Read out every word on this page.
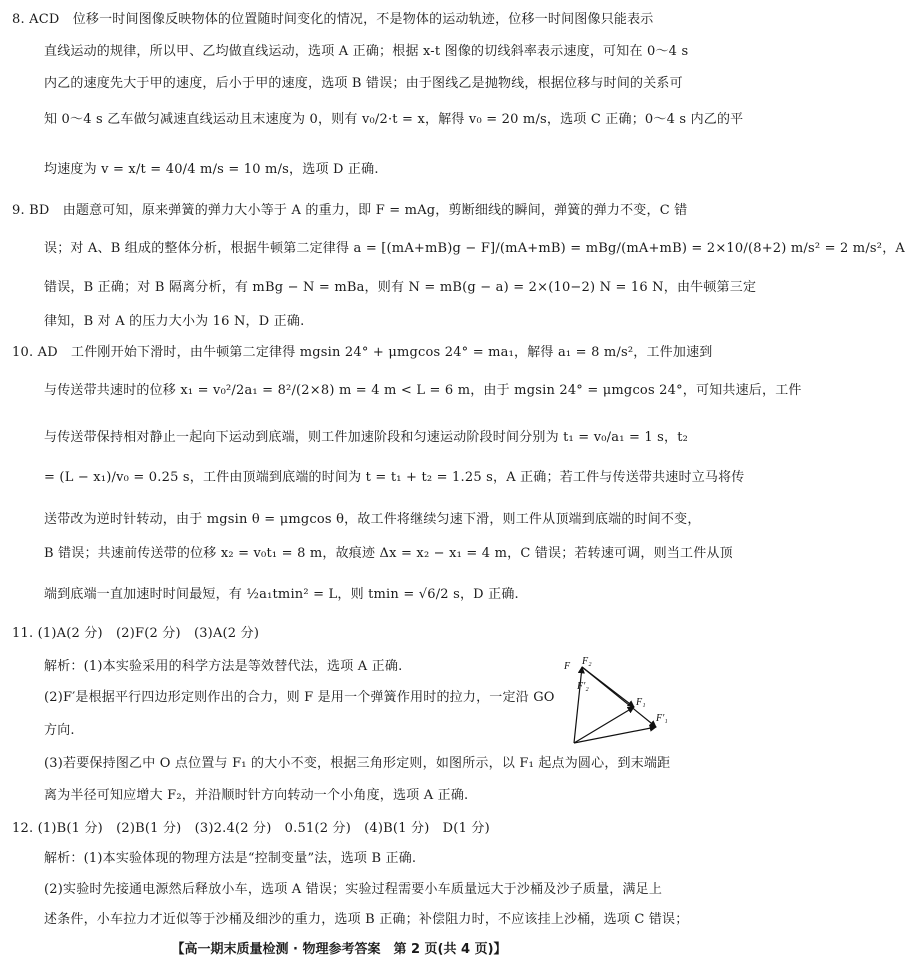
8. ACD　位移一时间图像反映物体的位置随时间变化的情况，不是物体的运动轨迹，位移一时间图像只能表示
直线运动的规律，所以甲、乙均做直线运动，选项 A 正确；根据 x-t 图像的切线斜率表示速度，可知在 0～4 s
内乙的速度先大于甲的速度，后小于甲的速度，选项 B 错误；由于图线乙是抛物线，根据位移与时间的关系可
知 0～4 s 乙车做匀减速直线运动且末速度为 0，则有 v₀/2·t = x，解得 v₀ = 20 m/s，选项 C 正确；0～4 s 内乙的平
均速度为 v = x/t = 40/4 m/s = 10 m/s，选项 D 正确.
9. BD　由题意可知，原来弹簧的弹力大小等于 A 的重力，即 F = mAg，剪断细线的瞬间，弹簧的弹力不变，C 错
误；对 A、B 组成的整体分析，根据牛顿第二定律得 a = [(mA+mB)g − F]/(mA+mB) = mBg/(mA+mB) = 2×10/(8+2) m/s² = 2 m/s²，A
错误，B 正确；对 B 隔离分析，有 mBg − N = mBa，则有 N = mB(g − a) = 2×(10−2) N = 16 N，由牛顿第三定
律知，B 对 A 的压力大小为 16 N，D 正确.
10. AD　工件刚开始下滑时，由牛顿第二定律得 mgsin 24° + μmgcos 24° = ma₁，解得 a₁ = 8 m/s²，工件加速到
与传送带共速时的位移 x₁ = v₀²/2a₁ = 8²/(2×8) m = 4 m < L = 6 m，由于 mgsin 24° = μmgcos 24°，可知共速后，工件
与传送带保持相对静止一起向下运动到底端，则工件加速阶段和匀速运动阶段时间分别为 t₁ = v₀/a₁ = 1 s，t₂
= (L − x₁)/v₀ = 0.25 s，工件由顶端到底端的时间为 t = t₁ + t₂ = 1.25 s，A 正确；若工件与传送带共速时立马将传
送带改为逆时针转动，由于 mgsin θ = μmgcos θ，故工件将继续匀速下滑，则工件从顶端到底端的时间不变，
B 错误；共速前传送带的位移 x₂ = v₀t₁ = 8 m，故痕迹 Δx = x₂ − x₁ = 4 m，C 错误；若转速可调，则当工件从顶
端到底端一直加速时时间最短，有 ½a₁tmin² = L，则 tmin = √6/2 s，D 正确.
11. (1)A(2 分)　(2)F(2 分)　(3)A(2 分)
解析：(1)本实验采用的科学方法是等效替代法，选项 A 正确.
(2)F′是根据平行四边形定则作出的合力，则 F 是用一个弹簧作用时的拉力，一定沿 GO
方向.
(3)若要保持图乙中 O 点位置与 F₁ 的大小不变，根据三角形定则，如图所示，以 F₁ 起点为圆心，到末端距
离为半径可知应增大 F₂，并沿顺时针方向转动一个小角度，选项 A 正确.
12. (1)B(1 分)　(2)B(1 分)　(3)2.4(2 分)　0.51(2 分)　(4)B(1 分)　D(1 分)
解析：(1)本实验体现的物理方法是“控制变量”法，选项 B 正确.
(2)实验时先接通电源然后释放小车，选项 A 错误；实验过程需要小车质量远大于沙桶及沙子质量，满足上
述条件，小车拉力才近似等于沙桶及细沙的重力，选项 B 正确；补偿阻力时，不应该挂上沙桶，选项 C 错误；
F F₂
F′₂
F₁
F′₁
【高一期末质量检测 · 物理参考答案　第 2 页(共 4 页)】
